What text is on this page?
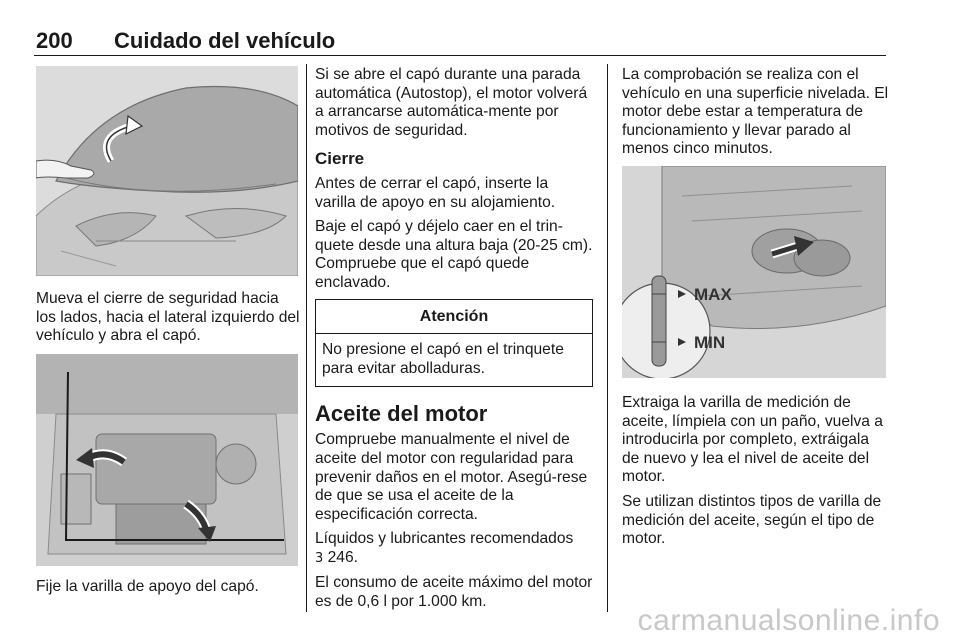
200 Cuidado del vehículo

Mueva el cierre de seguridad hacia los lados, hacia el lateral izquierdo del vehículo y abra el capó.

Fije la varilla de apoyo del capó.

Si se abre el capó durante una parada automática (Autostop), el motor volverá a arrancarse automática-mente por motivos de seguridad.

Cierre

Antes de cerrar el capó, inserte la varilla de apoyo en su alojamiento.

Baje el capó y déjelo caer en el trin-quete desde una altura baja (20-25 cm). Compruebe que el capó quede enclavado.

Atención
No presione el capó en el trinquete para evitar abolladuras.
Aceite del motor

Compruebe manualmente el nivel de aceite del motor con regularidad para prevenir daños en el motor. Asegú-rese de que se usa el aceite de la especificación correcta.

Líquidos y lubricantes recomendados
3 246.

El consumo de aceite máximo del motor es de 0,6 l por 1.000 km.

La comprobación se realiza con el vehículo en una superficie nivelada. El motor debe estar a temperatura de funcionamiento y llevar parado al menos cinco minutos.

MAX
MIN

Extraiga la varilla de medición de aceite, límpiela con un paño, vuelva a introducirla por completo, extráigala de nuevo y lea el nivel de aceite del motor.

Se utilizan distintos tipos de varilla de medición del aceite, según el tipo de motor.

carmanualsonline.info
